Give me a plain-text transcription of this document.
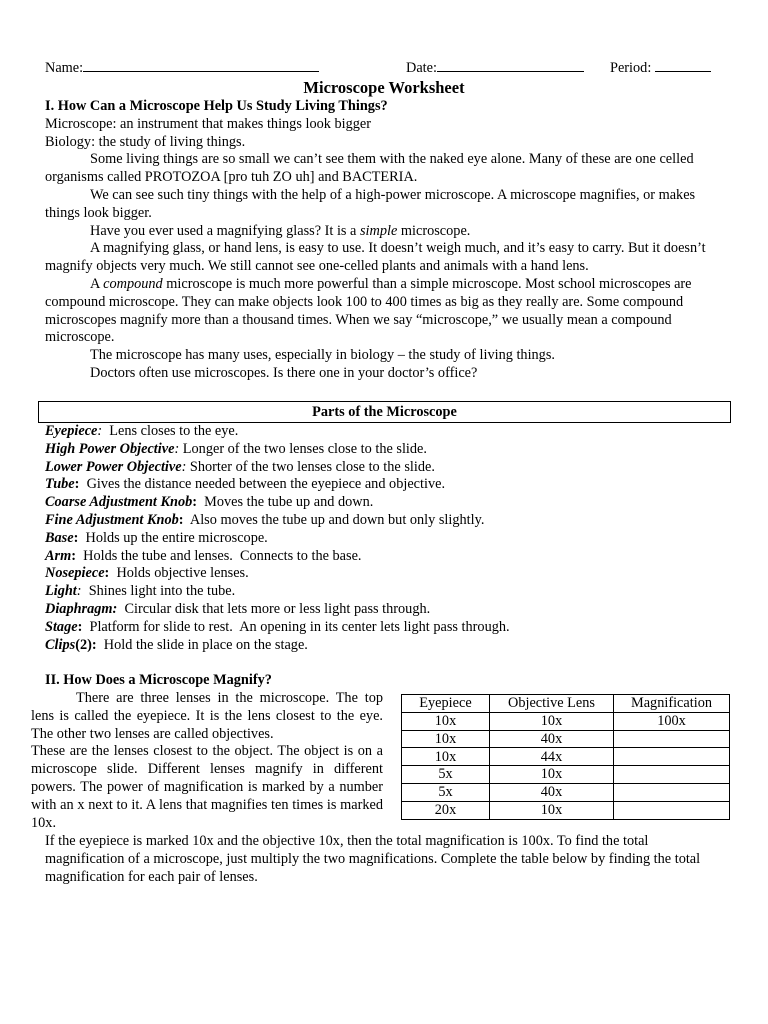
Name:	Date:	Period:
Microscope Worksheet

I. How Can a Microscope Help Us Study Living Things?

Microscope: an instrument that makes things look bigger

Biology: the study of living things.

Some living things are so small we can’t see them with the naked eye alone. Many of these are one celled organisms called PROTOZOA [pro tuh ZO uh] and BACTERIA.

We can see such tiny things with the help of a high-power microscope. A microscope magnifies, or makes things look bigger.

Have you ever used a magnifying glass? It is a simple microscope.

A magnifying glass, or hand lens, is easy to use. It doesn’t weigh much, and it’s easy to carry. But it doesn’t magnify objects very much. We still cannot see one-celled plants and animals with a hand lens.

A compound microscope is much more powerful than a simple microscope. Most school microscopes are compound microscope. They can make objects look 100 to 400 times as big as they really are. Some compound microscopes magnify more than a thousand times. When we say “microscope,” we usually mean a compound microscope.

The microscope has many uses, especially in biology – the study of living things.

Doctors often use microscopes. Is there one in your doctor’s office?

Parts of the Microscope
Eyepiece:  Lens closes to the eye.
High Power Objective: Longer of the two lenses close to the slide.
Lower Power Objective: Shorter of the two lenses close to the slide.
Tube:  Gives the distance needed between the eyepiece and objective.
Coarse Adjustment Knob:  Moves the tube up and down.
Fine Adjustment Knob:  Also moves the tube up and down but only slightly.
Base:  Holds up the entire microscope.
Arm:  Holds the tube and lenses.  Connects to the base.
Nosepiece:  Holds objective lenses.
Light:  Shines light into the tube.
Diaphragm:  Circular disk that lets more or less light pass through.
Stage:  Platform for slide to rest.  An opening in its center lets light pass through.
Clips(2):  Hold the slide in place on the stage.
II. How Does a Microscope Magnify?

There are three lenses in the microscope. The top lens is called the eyepiece. It is the lens closest to the eye. The other two lenses are called objectives.

These are the lenses closest to the object. The object is on a microscope slide. Different lenses magnify in different powers. The power of magnification is marked by a number with an x next to it. A lens that magnifies ten times is marked 10x.

Eyepiece	Objective Lens	Magnification
10x	10x	100x
10x	40x	
10x	44x	
5x	10x	
5x	40x	
20x	10x	
If the eyepiece is marked 10x and the objective 10x, then the total magnification is 100x. To find the total magnification of a microscope, just multiply the two magnifications. Complete the table below by finding the total magnification for each pair of lenses.
